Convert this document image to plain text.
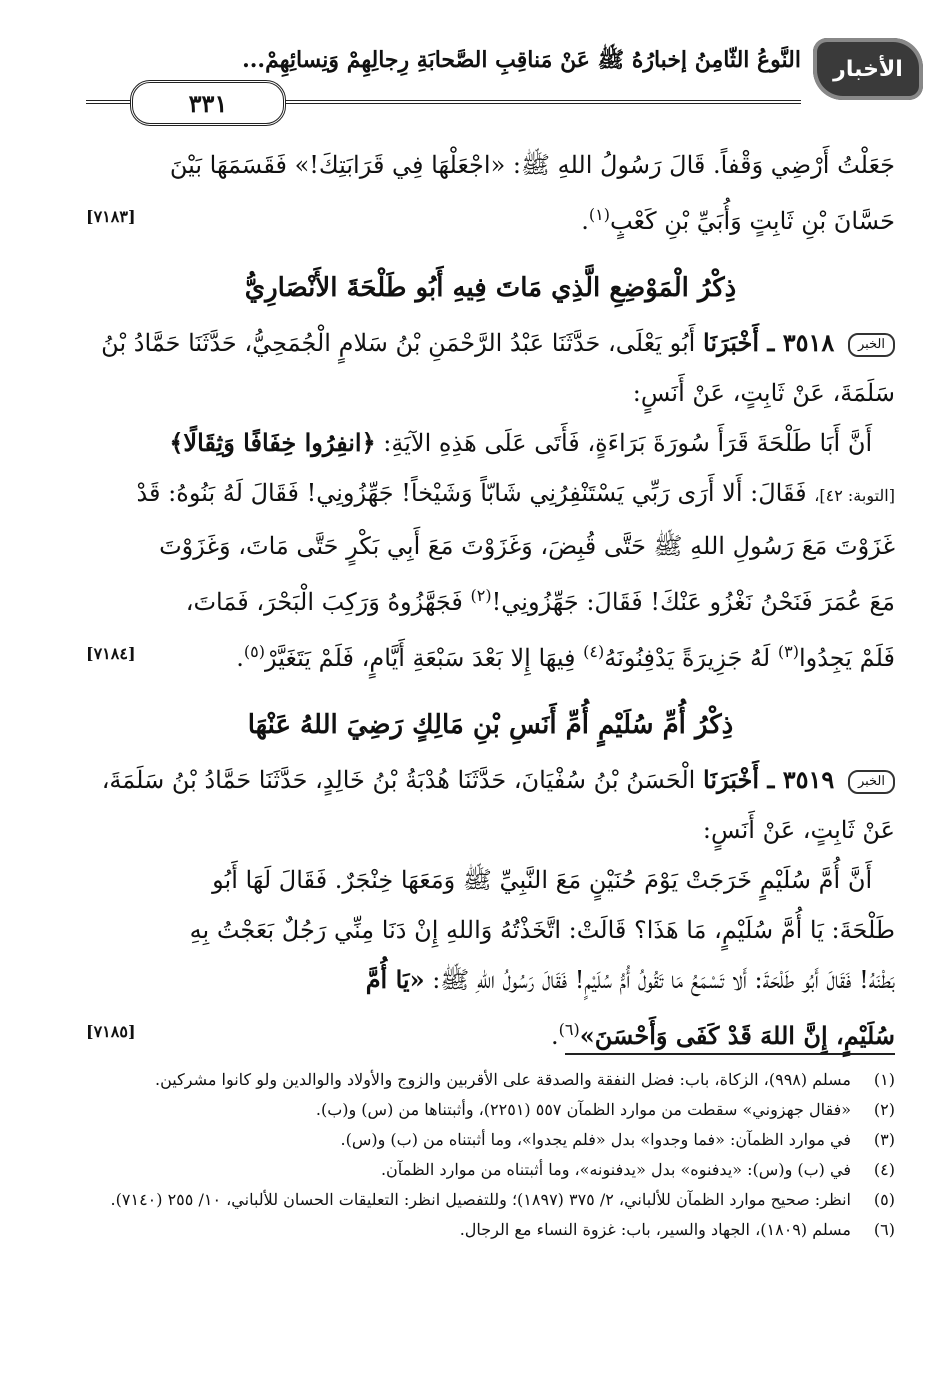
الأخبار
النَّوعُ الثّامِنُ إخبارُهُ ﷺ عَنْ مَناقِبِ الصَّحابَةِ رِجالِهِمْ وَنِسائِهِمْ...
٣٣١

جَعَلْتُ أَرْضِي وَقْفاً. قَالَ رَسُولُ اللهِ ﷺ: «اجْعَلْهَا فِي قَرَابَتِكَ!» فَقَسَمَهَا بَيْنَ
حَسَّانَ بْنِ ثَابِتٍ وَأُبَيِّ بْنِ كَعْبٍ$^{(١)}$.
[٧١٨٣]

ذِكْرُ الْمَوْضِعِ الَّذِي مَاتَ فِيهِ أَبُو طَلْحَةَ الأَنْصَارِيُّ

الخبر ٣٥١٨ ـ أَخْبَرَنَا أَبُو يَعْلَى، حَدَّثَنَا عَبْدُ الرَّحْمَنِ بْنُ سَلامٍ الْجُمَحِيُّ، حَدَّثَنَا حَمَّادُ بْنُ
سَلَمَةَ، عَنْ ثَابِتٍ، عَنْ أَنَسٍ:

أَنَّ أَبَا طَلْحَةَ قَرَأَ سُورَةَ بَرَاءَةٍ، فَأَتَى عَلَى هَذِهِ الآيَةِ: ﴿انفِرُوا خِفَافًا وَثِقَالًا﴾
[التوبة: ٤٢]، فَقَالَ: أَلا أَرَى رَبِّي يَسْتَنْفِرُنِي شَابّاً وَشَيْخاً! جَهِّزُونِي! فَقَالَ لَهُ بَنُوهُ: قَدْ
غَزَوْتَ مَعَ رَسُولِ اللهِ ﷺ حَتَّى قُبِضَ، وَغَزَوْتَ مَعَ أَبِي بَكْرٍ حَتَّى مَاتَ، وَغَزَوْتَ
مَعَ عُمَرَ فَنَحْنُ نَغْزُو عَنْكَ! فَقَالَ: جَهِّزُونِي!$^{(٢)}$ فَجَهَّزُوهُ وَرَكِبَ الْبَحْرَ، فَمَاتَ،
فَلَمْ يَجِدُوا$^{(٣)}$ لَهُ جَزِيرَةً يَدْفِنُونَهُ$^{(٤)}$ فِيهَا إِلا بَعْدَ سَبْعَةِ أَيَّامٍ، فَلَمْ يَتَغَيَّرْ$^{(٥)}$.
[٧١٨٤]

ذِكْرُ أُمِّ سُلَيْمٍ أُمِّ أَنَسِ بْنِ مَالِكٍ رَضِيَ اللهُ عَنْهَا

الخبر ٣٥١٩ ـ أَخْبَرَنَا الْحَسَنُ بْنُ سُفْيَانَ، حَدَّثَنَا هُدْبَةُ بْنُ خَالِدٍ، حَدَّثَنَا حَمَّادُ بْنُ سَلَمَةَ،
عَنْ ثَابِتٍ، عَنْ أَنَسٍ:

أَنَّ أُمَّ سُلَيْمٍ خَرَجَتْ يَوْمَ حُنَيْنٍ مَعَ النَّبِيِّ ﷺ وَمَعَهَا خِنْجَرٌ. فَقَالَ لَهَا أَبُو
طَلْحَةَ: يَا أُمَّ سُلَيْمٍ، مَا هَذَا؟ قَالَتْ: اتَّخَذْتُهُ وَاللهِ إِنْ دَنَا مِنِّي رَجُلٌ بَعَجْتُ بِهِ
بَطْنَهُ! فَقَالَ أَبُو طَلْحَةَ: أَلا تَسْمَعُ مَا تَقُولُ أُمُّ سُلَيْمٍ! فَقَالَ رَسُولُ اللهِ ﷺ: «يَا أُمَّ
سُلَيْمٍ، إِنَّ اللهَ قَدْ كَفَى وَأَحْسَنَ»$^{(٦)}$.
[٧١٨٥]

(١)
مسلم (٩٩٨)، الزكاة، باب: فضل النفقة والصدقة على الأقربين والزوج والأولاد والوالدين ولو كانوا مشركين.
(٢)
«فقال جهزوني» سقطت من موارد الظمآن ٥٥٧ (٢٢٥١)، وأثبتناها من (س) و(ب).
(٣)
في موارد الظمآن: «فما وجدوا» بدل «فلم يجدوا»، وما أثبتناه من (ب) و(س).
(٤)
في (ب) و(س): «يدفنوه» بدل «يدفنونه»، وما أثبتناه من موارد الظمآن.
(٥)
انظر: صحيح موارد الظمآن للألباني، ٢/ ٣٧٥ (١٨٩٧)؛ وللتفصيل انظر: التعليقات الحسان للألباني، ١٠/ ٢٥٥ (٧١٤٠).
(٦)
مسلم (١٨٠٩)، الجهاد والسير، باب: غزوة النساء مع الرجال.
